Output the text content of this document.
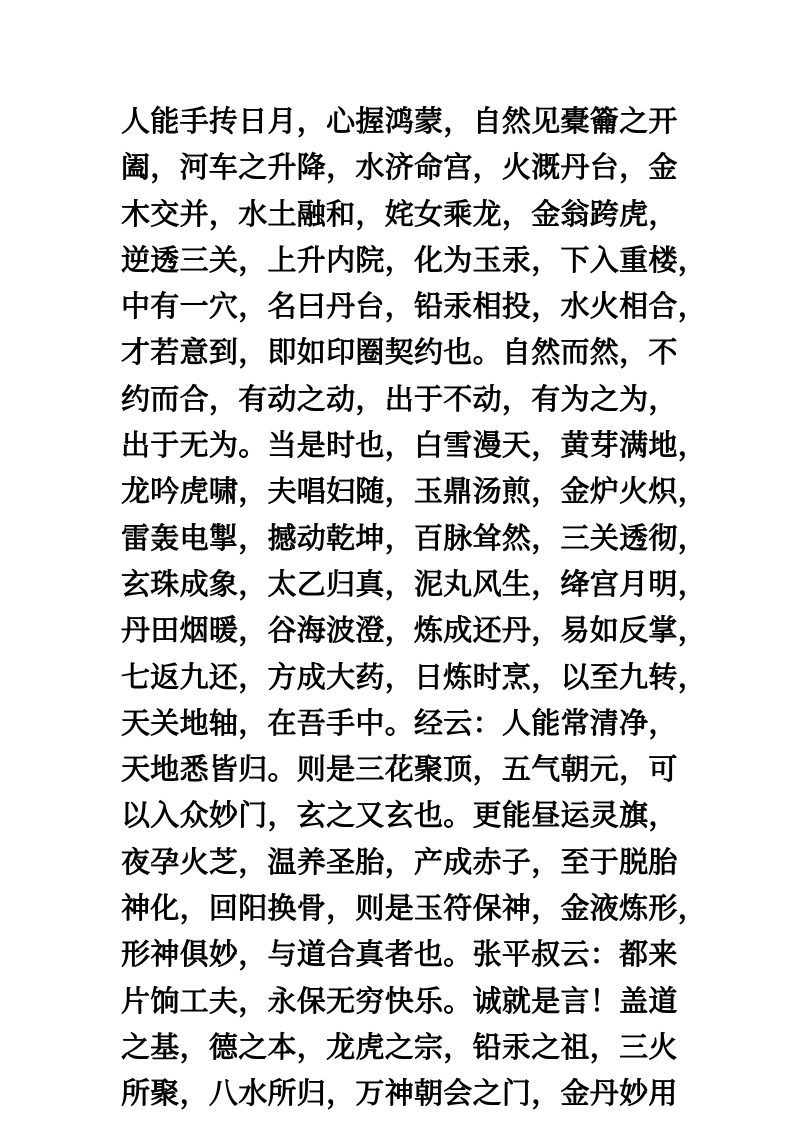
人能手抟日月，心握鸿蒙，自然见橐籥之开
阖，河车之升降，水济命宫，火溉丹台，金
木交并，水土融和，姹女乘龙，金翁跨虎，
逆透三关，上升内院，化为玉汞，下入重楼，
中有一穴，名曰丹台，铅汞相投，水火相合，
才若意到，即如印圈契约也。自然而然，不
约而合，有动之动，出于不动，有为之为，
出于无为。当是时也，白雪漫天，黄芽满地，
龙吟虎啸，夫唱妇随，玉鼎汤煎，金炉火炽，
雷轰电掣，撼动乾坤，百脉耸然，三关透彻，
玄珠成象，太乙归真，泥丸风生，绛宫月明，
丹田烟暖，谷海波澄，炼成还丹，易如反掌，
七返九还，方成大药，日炼时烹，以至九转，
天关地轴，在吾手中。经云：人能常清净，
天地悉皆归。则是三花聚顶，五气朝元，可
以入众妙门，玄之又玄也。更能昼运灵旗，
夜孕火芝，温养圣胎，产成赤子，至于脱胎
神化，回阳换骨，则是玉符保神，金液炼形，
形神俱妙，与道合真者也。张平叔云：都来
片饷工夫，永保无穷快乐。诚就是言！盖道
之基，德之本，龙虎之宗，铅汞之祖，三火
所聚，八水所归，万神朝会之门，金丹妙用
